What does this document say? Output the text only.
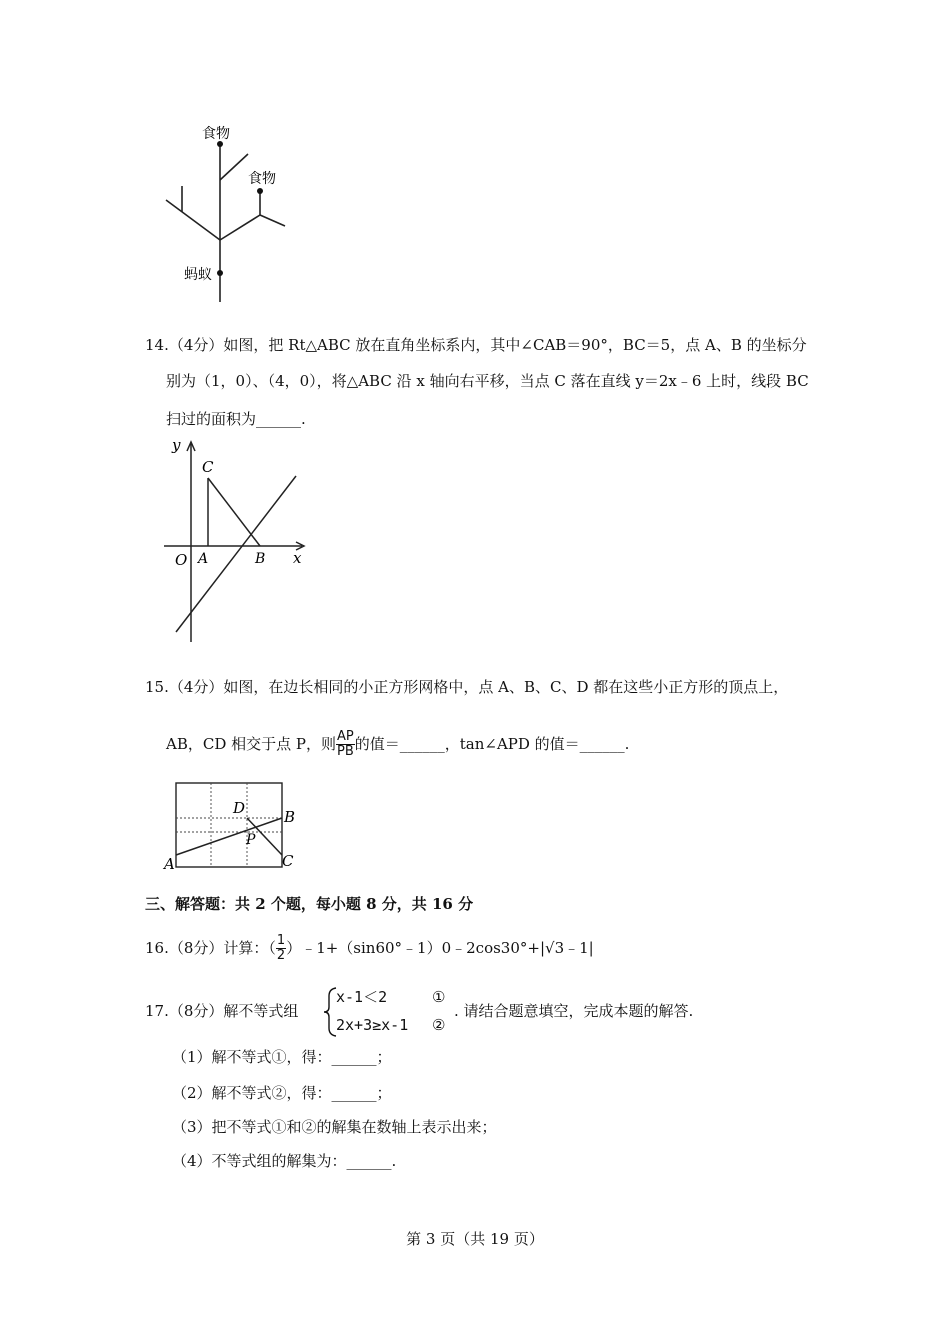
食物
食物
蚂蚁
14.（4分）如图，把 Rt△ABC 放在直角坐标系内，其中∠CAB＝90°，BC＝5，点 A、B 的坐标分
别为（1，0）、（4，0），将△ABC 沿 x 轴向右平移，当点 C 落在直线 y＝2x﹣6 上时，线段 BC
扫过的面积为______.
y
x
O A	B
C
15.（4分）如图，在边长相同的小正方形网格中，点 A、B、C、D 都在这些小正方形的顶点上，
AB，CD 相交于点 P，则 $\frac{AP}{PB}$ 的值＝______，tan∠APD 的值＝______.
A
B
C
D
P
三、解答题：共 2 个题，每小题 8 分，共 16 分
16.（8分）计算：（ $\frac{1}{2}$ ）﹣1+（sin60°﹣1）0﹣2cos30°+|√3﹣1|
17.（8分）解不等式组
x-1＜2
2x+3≥x-1
①
②
. 请结合题意填空，完成本题的解答.
（1）解不等式①，得：______；
（2）解不等式②，得：______；
（3）把不等式①和②的解集在数轴上表示出来；
（4）不等式组的解集为：______.
第 3 页（共 19 页）
